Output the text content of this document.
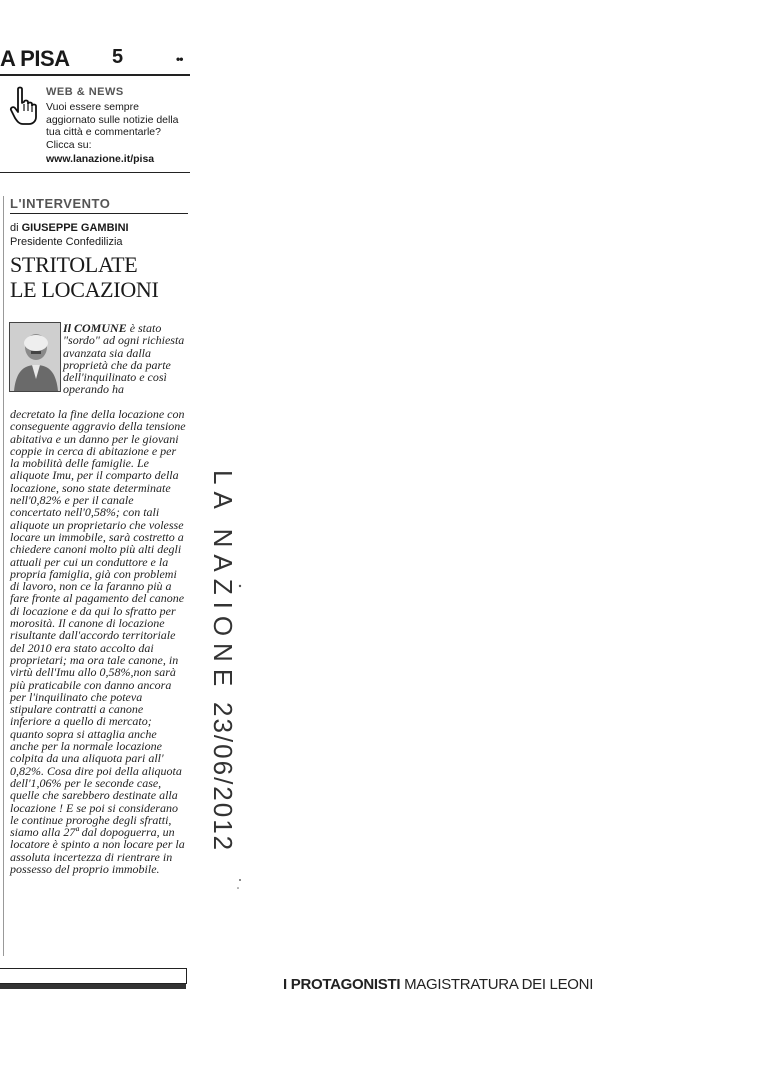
A PISA 5	••
WEB & NEWS
Vuoi essere sempre aggiornato sulle notizie della tua città e commentarle? Clicca su:
www.lanazione.it/pisa
L'INTERVENTO
di GIUSEPPE GAMBINI
Presidente Confedilizia
STRITOLATE
LE LOCAZIONI
Il COMUNE è stato "sordo" ad ogni richiesta avanzata sia dalla proprietà che da parte dell'inquilinato e così operando ha
decretato la fine della locazione con conseguente aggravio della tensione abitativa e un danno per le giovani coppie in cerca di abitazione e per la mobilità delle famiglie. Le aliquote Imu, per il comparto della locazione, sono state determinate nell'0,82% e per il canale concertato nell'0,58%; con tali aliquote un proprietario che volesse locare un immobile, sarà costretto a chiedere canoni molto più alti degli attuali per cui un conduttore e la propria famiglia, già con problemi di lavoro, non ce la faranno più a fare fronte al pagamento del canone di locazione e da qui lo sfratto per morosità. Il canone di locazione risultante dall'accordo territoriale del 2010 era stato accolto dai proprietari; ma ora tale canone, in virtù dell'Imu allo 0,58%,non sarà più praticabile con danno ancora per l'inquilinato che poteva stipulare contratti a canone inferiore a quello di mercato; quanto sopra si attaglia anche anche per la normale locazione colpita da una aliquota pari all' 0,82%. Cosa dire poi della aliquota dell'1,06% per le seconde case, quelle che sarebbero destinate alla locazione ! E se poi si considerano le continue proroghe degli sfratti, siamo alla 27ª dal dopoguerra, un locatore è spinto a non locare per la assoluta incertezza di rientrare in possesso del proprio immobile.
LA NAZIONE
23/06/2012
I PROTAGONISTI MAGISTRATURA DEI LEONI
